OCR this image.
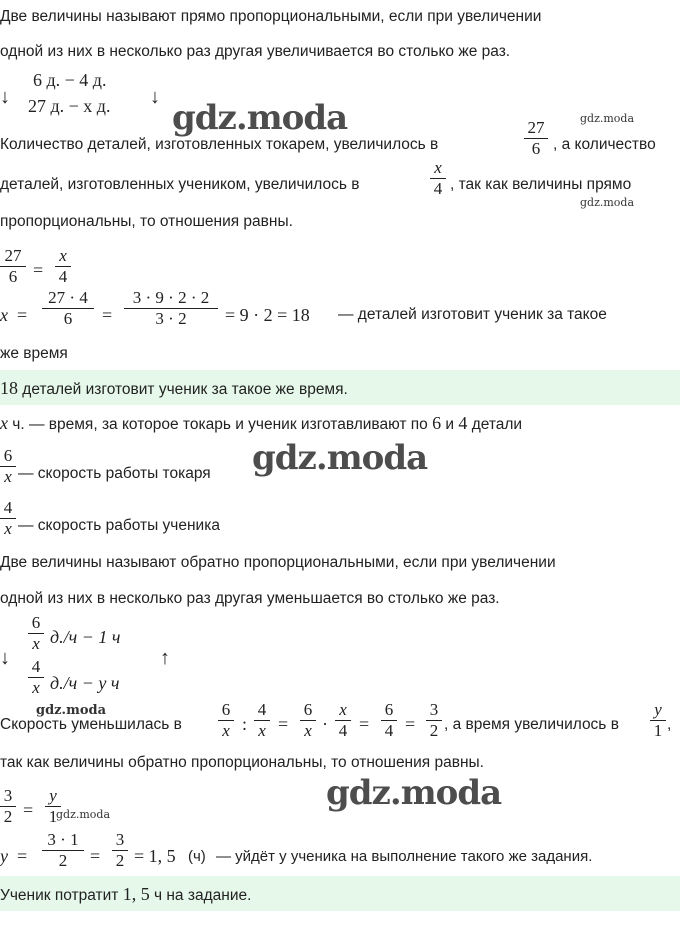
Две величины называют прямо пропорциональными, если при увеличении
одной из них в несколько раз другая увеличивается во столько же раз.
↓
6 д. − 4 д.
27 д. − x д. ↓
Количество деталей, изготовленных токарем, увеличилось в
27
6 , а количество
деталей, изготовленных учеником, увеличилось в
x
4 , так как величины прямо
пропорциональны, то отношения равны.
27
6 =
x
4
x =
27 · 4
6	=
3 · 9 · 2 · 2
3 · 2	= 9 · 2 = 18 — деталей изготовит ученик за такое
же время
18 деталей изготовит ученик за такое же время.
x ч. — время, за которое токарь и ученик изготавливают по 6 и 4 детали
6
x — скорость работы токаря
4
x — скорость работы ученика
Две величины называют обратно пропорциональными, если при увеличении
одной из них в несколько раз другая уменьшается во столько же раз.
↓
6
x д./ч − 1 ч
4
x д./ч − y ч
↑
Скорость уменьшилась в
6
x :
4
x =
6
x ·
x
4 =
6
4 =
3
2 , а время увеличилось в
y
1 ,
так как величины обратно пропорциональны, то отношения равны.
3
2 =
y
1
y =
3 · 1
2	=
3
2 = 1, 5 (ч) — уйдёт у ученика на выполнение такого же задания.
Ученик потратит 1, 5 ч на задание.
gdz.moda
gdz.moda
gdz.moda
gdz.moda
gdz.moda
gdz.moda
gdz.moda
